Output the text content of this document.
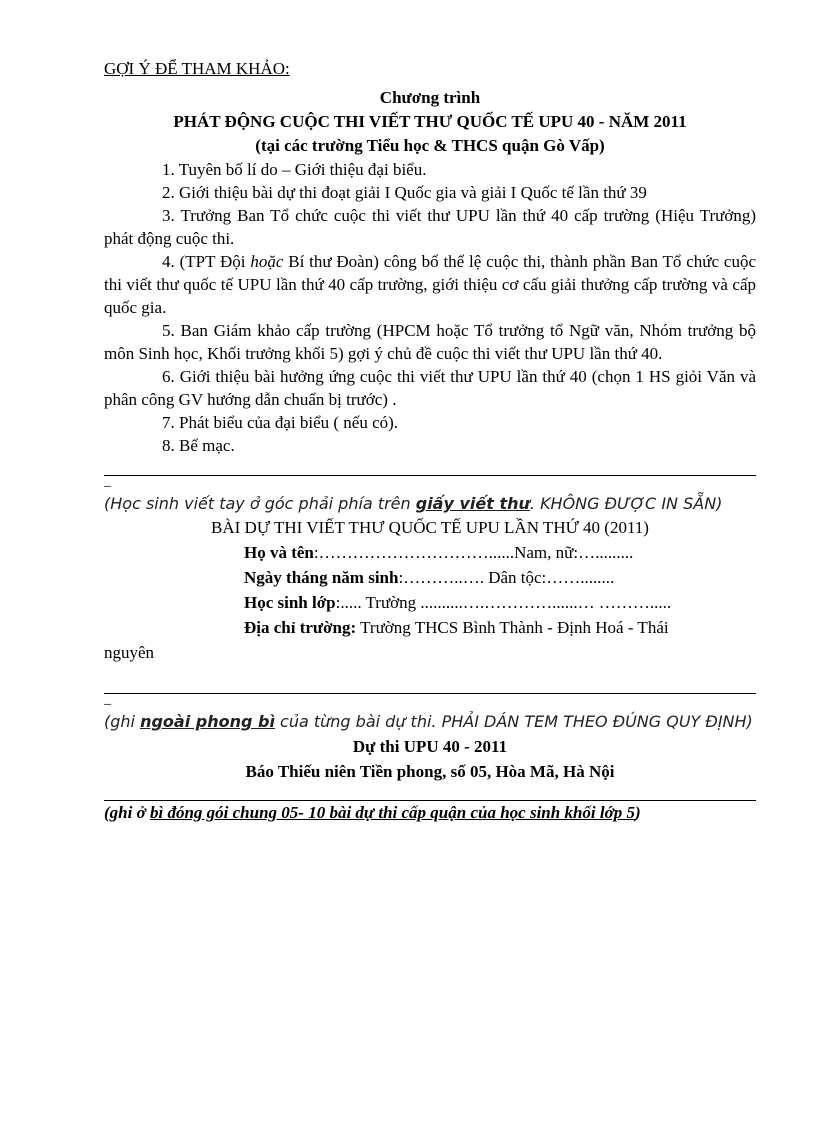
GỢI Ý ĐỂ THAM KHẢO:

Chương trình

PHÁT ĐỘNG CUỘC THI VIẾT THƯ QUỐC TẾ UPU 40 - NĂM 2011

(tại các trường Tiểu học & THCS quận Gò Vấp)

1. Tuyên bố lí do – Giới thiệu đại biểu.

2. Giới thiệu bài dự thi đoạt giải I Quốc gia và giải I Quốc tế lần thứ 39

3. Trưởng Ban Tổ chức cuộc thi viết thư UPU lần thứ 40 cấp trường (Hiệu Trưởng) phát động cuộc thi.

4. (TPT Đội hoặc Bí thư Đoàn) công bố thể lệ cuộc thi, thành phần Ban Tổ chức cuộc thi viết thư quốc tế UPU lần thứ 40 cấp trường, giới thiệu cơ cấu giải thưởng cấp trường và cấp quốc gia.

5. Ban Giám khảo cấp trường (HPCM hoặc Tổ trưởng tổ Ngữ văn, Nhóm trưởng bộ môn Sinh học, Khối trưởng khối 5) gợi ý chủ đề cuộc thi viết thư UPU lần thứ 40.

6. Giới thiệu bài hưởng ứng cuộc thi viết thư UPU lần thứ 40 (chọn 1 HS giỏi Văn và phân công GV hướng dẫn chuẩn bị trước) .

7. Phát biểu của đại biểu ( nếu có).

8. Bế mạc.

_
(Học sinh viết tay ở góc phải phía trên giấy viết thư. KHÔNG ĐƯỢC IN SẴN)
BÀI DỰ THI VIẾT THƯ QUỐC TẾ UPU LẦN THỨ 40 (2011)

Họ và tên:…………………………......Nam, nữ:….........

Ngày tháng năm sinh:………..…. Dân tộc:……........

Học sinh lớp:..... Trường ..........….…………......… ……….....

Địa chỉ trường: Trường THCS Bình Thành - Định Hoá - Thái

nguyên

_
(ghi ngoài phong bì của từng bài dự thi. PHẢI DÁN TEM THEO ĐÚNG QUY ĐỊNH)

Dự thi UPU 40 - 2011

Báo Thiếu niên Tiền phong, số 05, Hòa Mã, Hà Nội

(ghi ở bì đóng gói chung 05- 10 bài dự thi cấp quận của học sinh khối lớp 5)
